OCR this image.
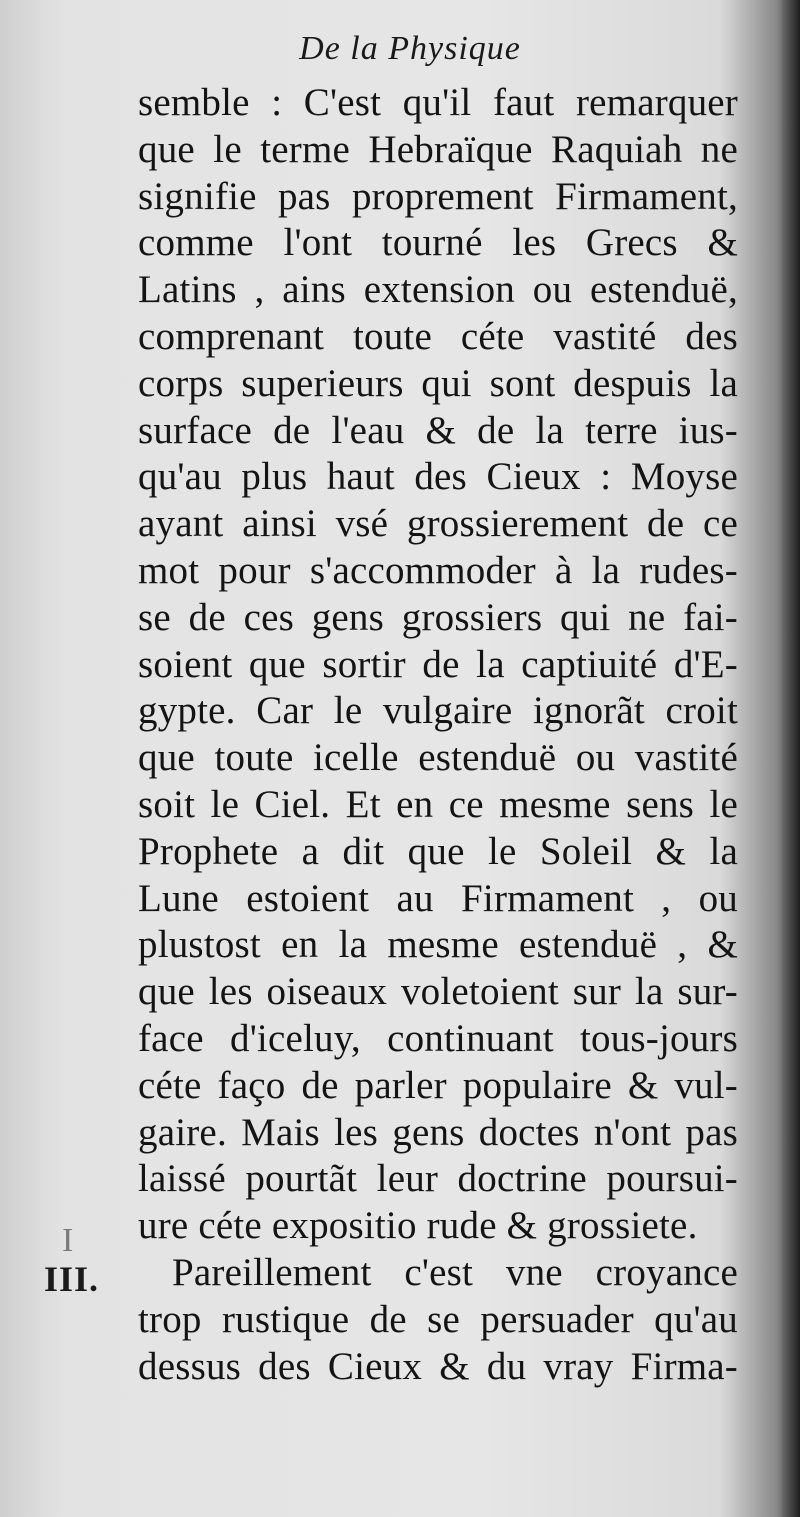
De la Physique
semble : C'est qu'il faut remarquer
que le terme Hebraïque Raquiah ne
signifie pas proprement Firmament,
comme l'ont tourné les Grecs &
Latins , ains extension ou estenduë,
comprenant toute céte vastité des
corps superieurs qui sont despuis la
surface de l'eau & de la terre ius-
qu'au plus haut des Cieux : Moyse
ayant ainsi vsé grossierement de ce
mot pour s'accommoder à la rudes-
se de ces gens grossiers qui ne fai-
soient que sortir de la captiuité d'E-
gypte. Car le vulgaire ignorãt croit
que toute icelle estenduë ou vastité
soit le Ciel. Et en ce mesme sens le
Prophete a dit que le Soleil & la
Lune estoient au Firmament , ou
plustost en la mesme estenduë , &
que les oiseaux voletoient sur la sur-
face d'iceluy, continuant tous-jours
céte faço de parler populaire & vul-
gaire. Mais les gens doctes n'ont pas
laissé pourtãt leur doctrine poursui-
ure céte expositio rude & grossiete.
Pareillement c'est vne croyance
trop rustique de se persuader qu'au
dessus des Cieux & du vray Firma-
I
III.
